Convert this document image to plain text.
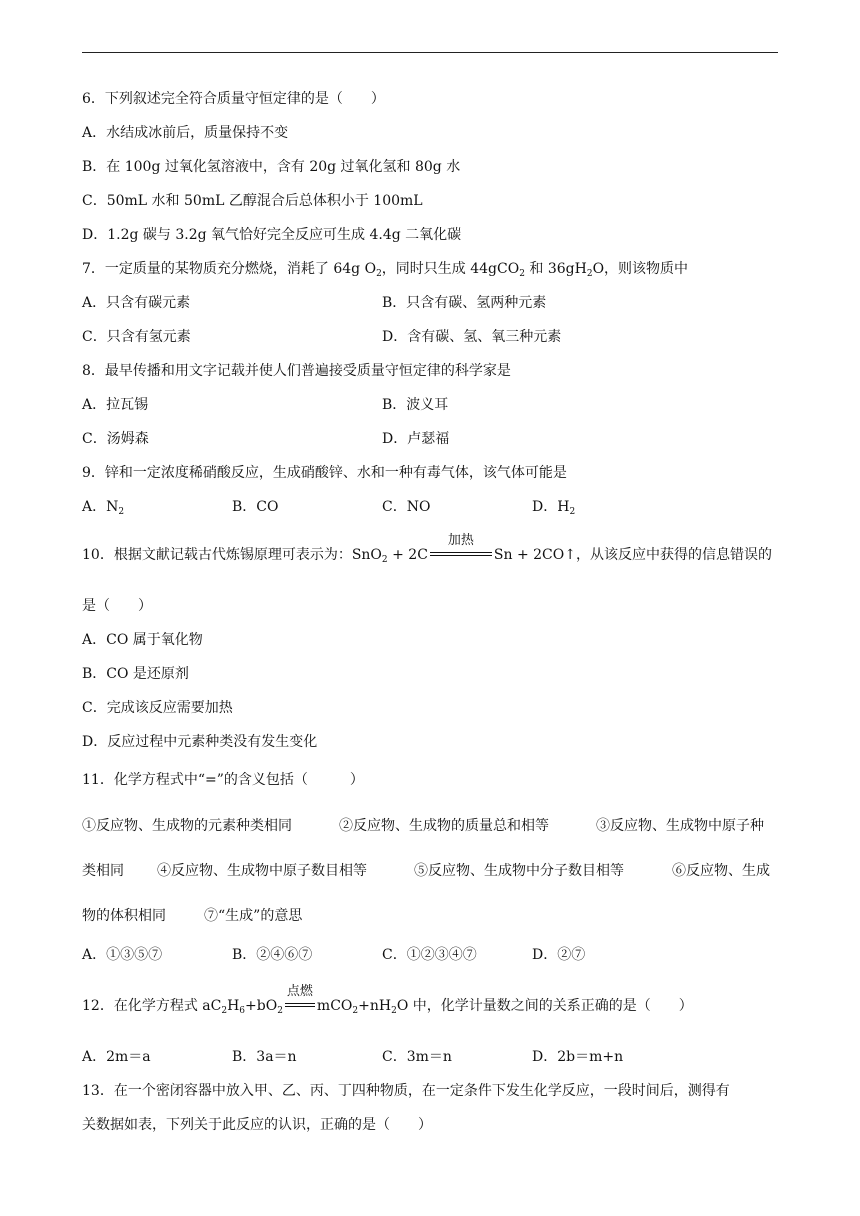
6．下列叙述完全符合质量守恒定律的是（　　）
A．水结成冰前后，质量保持不变
B．在 100g 过氧化氢溶液中，含有 20g 过氧化氢和 80g 水
C．50mL 水和 50mL 乙醇混合后总体积小于 100mL
D．1.2g 碳与 3.2g 氧气恰好完全反应可生成 4.4g 二氧化碳
7．一定质量的某物质充分燃烧，消耗了 64g $O_2$，同时只生成 44gCO$_2$ 和 $36gH_2O$，则该物质中
A．只含有碳元素	B．只含有碳、氢两种元素
C．只含有氢元素	D．含有碳、氢、氧三种元素
8．最早传播和用文字记载并使人们普遍接受质量守恒定律的科学家是
A．拉瓦锡	B．波义耳
C．汤姆森	D．卢瑟福
9．锌和一定浓度稀硝酸反应，生成硝酸锌、水和一种有毒气体，该气体可能是
A．$N_2$	B．CO	C．NO	D．$H_2$
10．根据文献记载古代炼锡原理可表示为：SnO$_2$ + 2C
加热
Sn + 2CO↑，从该反应中获得的信息错误的
是（　　）
A．CO 属于氧化物
B．CO 是还原剂
C．完成该反应需要加热
D．反应过程中元素种类没有发生变化
11．化学方程式中“=”的含义包括（　　　）
①反应物、生成物的元素种类相同	②反应物、生成物的质量总和相等	③反应物、生成物中原子种
类相同 ④反应物、生成物中原子数目相等	⑤反应物、生成物中分子数目相等	⑥反应物、生成
物的体积相同	⑦“生成”的意思
A．①③⑤⑦	B．②④⑥⑦	C．①②③④⑦	D．②⑦
12．在化学方程式 $aC_2H_6+bO_2$
点燃
$mCO_2+nH_2O$ 中，化学计量数之间的关系正确的是（　　）
A．2m＝a	B．3a＝n	C．3m＝n	D．2b＝m+n
13．在一个密闭容器中放入甲、乙、丙、丁四种物质，在一定条件下发生化学反应，一段时间后，测得有
关数据如表，下列关于此反应的认识，正确的是（　　）
